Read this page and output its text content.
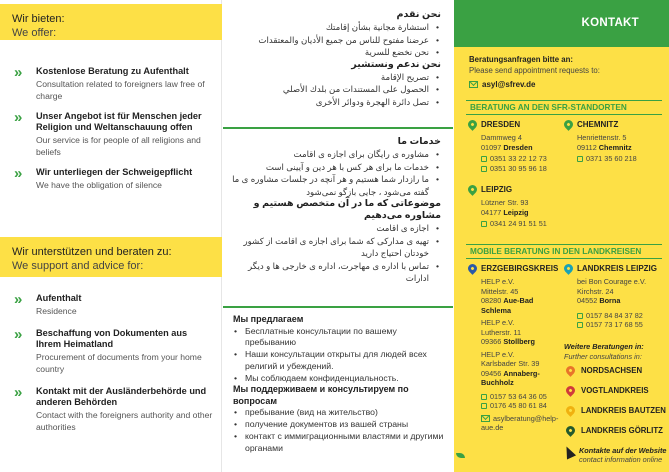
Wir bieten:
We offer:
»	Kostenlose Beratung zu Aufenthalt
Consultation related to foreigners law free of charge
»	Unser Angebot ist für Menschen jeder Religion und Weltanschauung offen
Our service is for people of all religions and beliefs
»	Wir unterliegen der Schweigepflicht
We have the obligation of silence
Wir unterstützen und beraten zu:
We support and advice for:
»	Aufenthalt
Residence
»	Beschaffung von Dokumenten aus Ihrem Heimatland
Procurement of documents from your home country
»	Kontakt mit der Ausländerbehörde und anderen Behörden
Contact with the foreigners authority and other authorities
نحن نقدم
• استشارة مجانية بشأن إقامتك
• عرضنا مفتوح للناس من جميع الأديان والمعتقدات
• نحن نخضع للسرية
نحن ندعم ونستشير
• تصريح الإقامة
• الحصول على المستندات من بلدك الأصلي
• تصل دائرة الهجرة ودوائر الأخرى
خدمات ما
• مشاوره ی رایگان برای اجازه ی اقامت
• خدمات ما برای هر کس با هر دین و آیینی است
• ما رازدار شما هستیم و هر آنچه در جلسات مشاوره ی ما گفته می‌شود ، جایی بازگو نمی‌شود
موضوعاتی که ما در آن متخصص هستیم و مشاوره می‌دهیم
• اجازه ی اقامت
• تهیه ی مدارکی که شما برای اجازه ی اقامت از کشور خودتان احتیاج دارید
• تماس با اداره ی مهاجرت، اداره ی خارجی ها و دیگر ادارات
Мы предлагаем
• Бесплатные консультации по вашему пребыванию
• Наши консультации открыты для людей всех религий и убеждений.
• Мы соблюдаем конфиденциальность.
Мы поддерживаем и консультируем по вопросам
• пребывание (вид на жительство)
• получение документов из вашей страны
• контакт с иммиграционными властями и другими органами
KONTAKT
Beratungsanfragen bitte an:
Please send appointment requests to:
asyl@sfrev.de
BERATUNG AN DEN SFR-STANDORTEN
DRESDEN
Dammweg 4
01097 Dresden
0351 33 22 12 73
0351 30 95 96 18
CHEMNITZ
Henriettenstr. 5
09112 Chemnitz
0371 35 60 218
LEIPZIG
Lützner Str. 93
04177 Leipzig
0341 24 91 51 51
MOBILE BERATUNG IN DEN LANDKREISEN
ERZGEBIRGSKREIS
HELP e.V.
Mittelstr. 45
08280 Aue-Bad Schlema
HELP e.V.
Lutherstr. 11
09366 Stollberg
HELP e.V.
Karlsbader Str. 39
09456 Annaberg-Buchholz
0157 53 64 36 05
0176 45 80 61 84
asylberatung@help-aue.de
LANDKREIS LEIPZIG
bei Bon Courage e.V.
Kirchstr. 24
04552 Borna
0157 84 84 37 82
0157 73 17 68 55
Weitere Beratungen in:
Further consultations in:
NORDSACHSEN
VOGTLANDKREIS
LANDKREIS BAUTZEN
LANDKREIS GÖRLITZ
Kontakte auf der Website
contact information online
